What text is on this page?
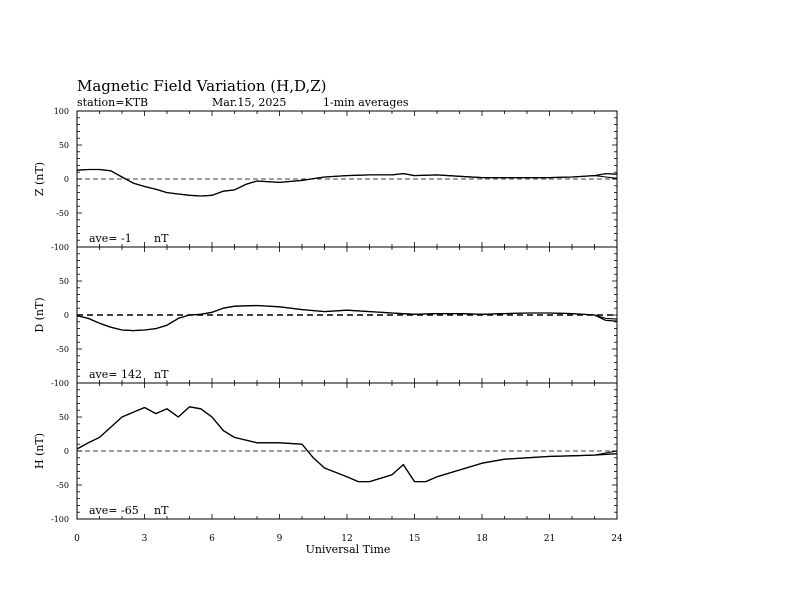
Magnetic Field Variation (H,D,Z)
station=KTB	Mar.15, 2025	1-min averages
100
50
0
-50
-100
Z (nT)
ave= -1 nT
50
0
-50
-100
D (nT)
ave= 142 nT
50
0
-50
-100
H (nT)
ave= -65 nT
0	3	6	9	12	15	18	21	24
Universal Time
